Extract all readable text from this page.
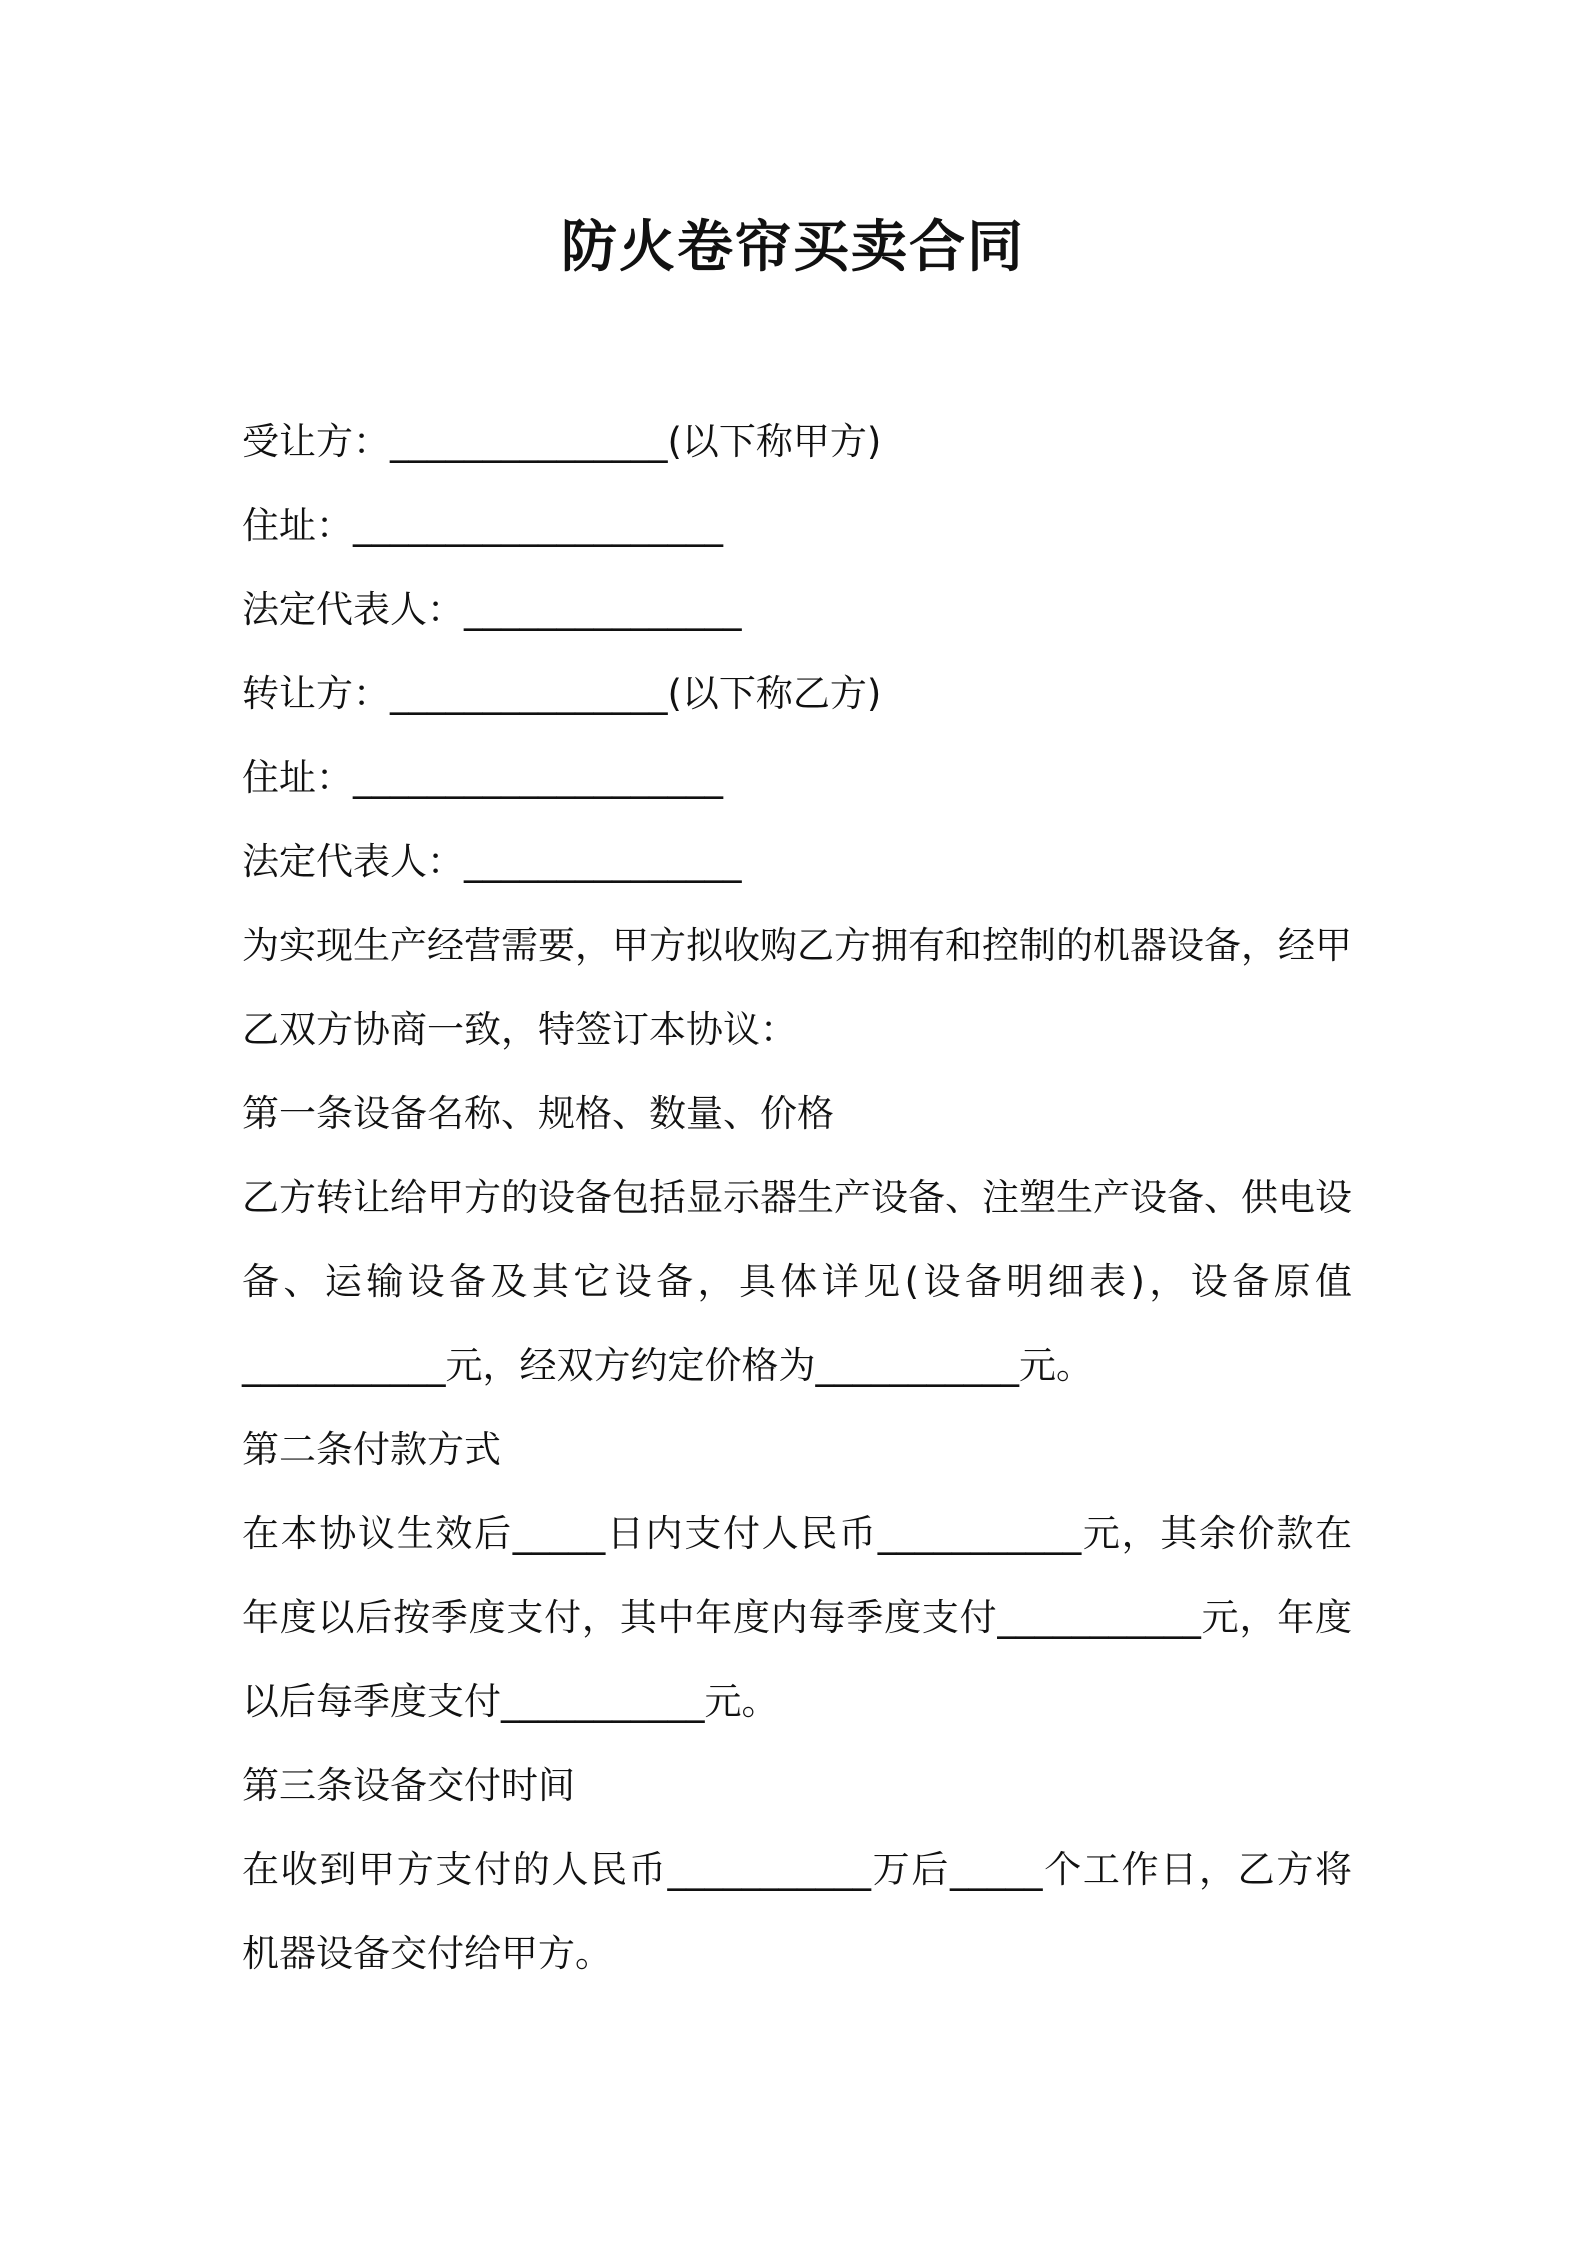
防火卷帘买卖合同
受让方：_______________(以下称甲方)
住址：____________________
法定代表人：_______________
转让方：_______________(以下称乙方)
住址：____________________
法定代表人：_______________
为实现生产经营需要，甲方拟收购乙方拥有和控制的机器设备，经甲
乙双方协商一致，特签订本协议：
第一条设备名称、规格、数量、价格
乙方转让给甲方的设备包括显示器生产设备、注塑生产设备、供电设
备、运输设备及其它设备，具体详见(设备明细表)，设备原值
___________元，经双方约定价格为___________元。
第二条付款方式
在本协议生效后_____日内支付人民币___________元，其余价款在
年度以后按季度支付，其中年度内每季度支付___________元，年度
以后每季度支付___________元。
第三条设备交付时间
在收到甲方支付的人民币___________万后_____个工作日，乙方将
机器设备交付给甲方。
